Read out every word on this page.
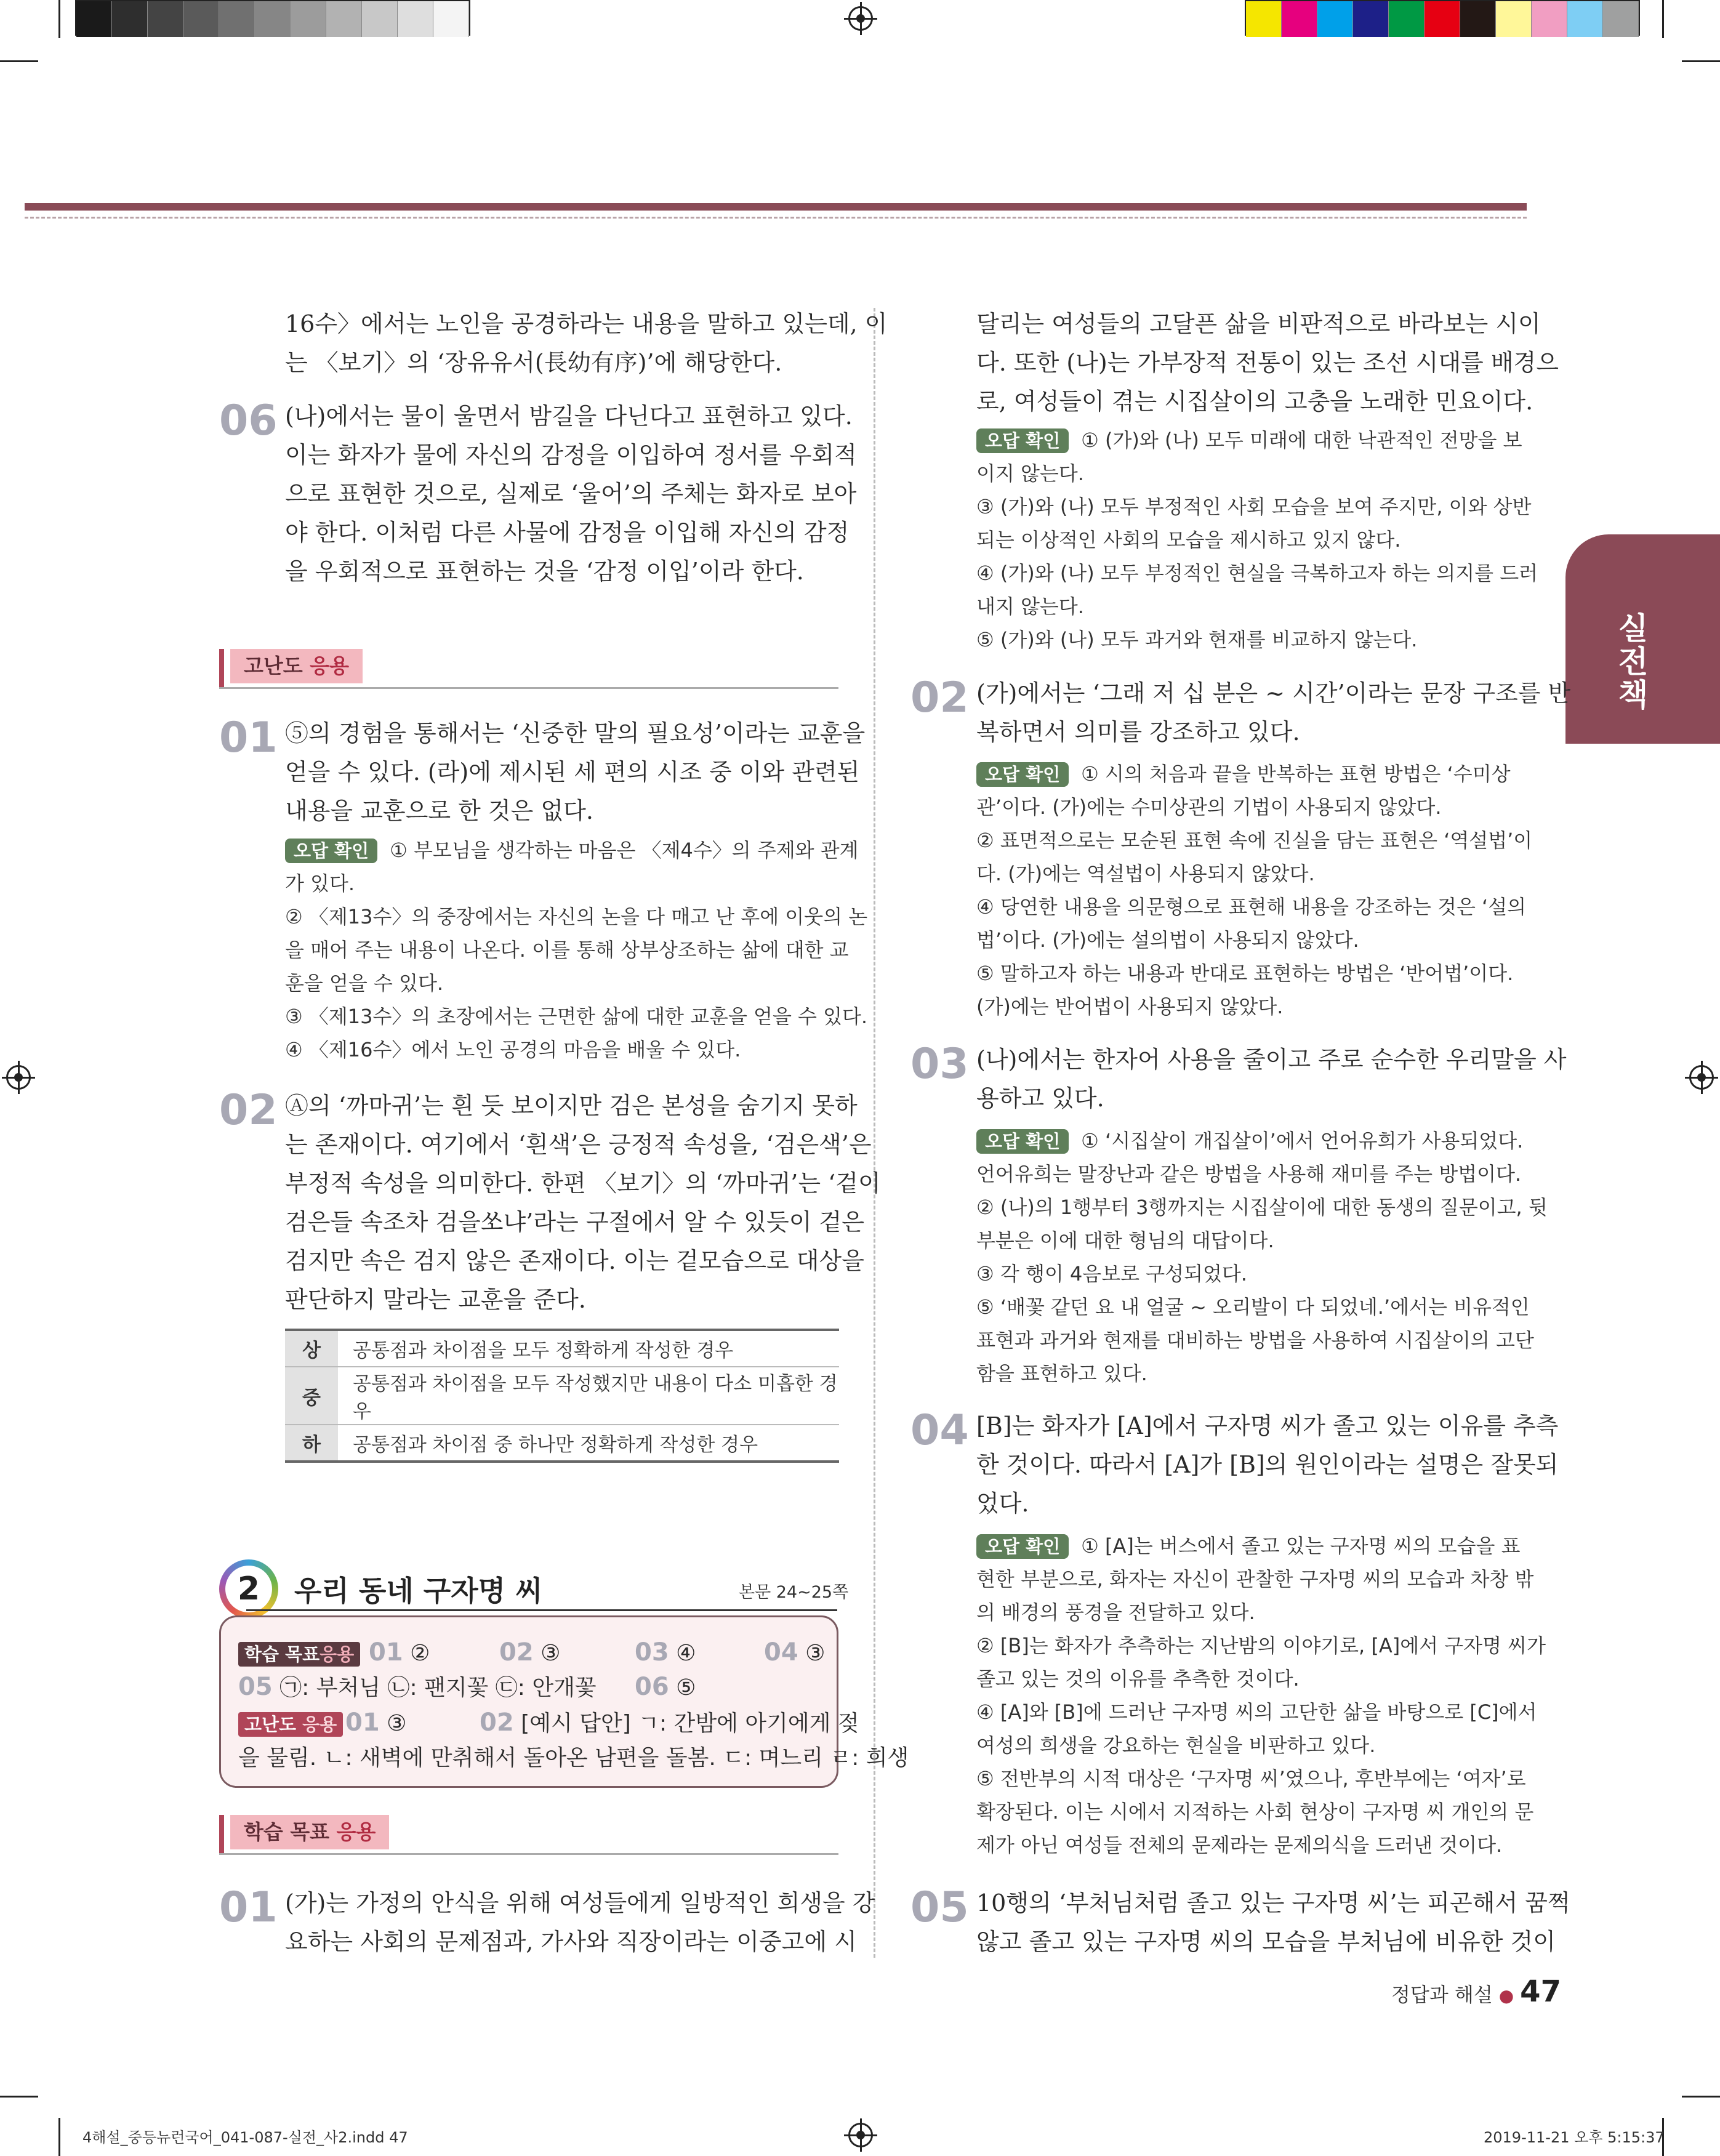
실전책
16수〉에서는 노인을 공경하라는 내용을 말하고 있는데, 이
는 〈보기〉의 ‘장유유서(長幼有序)’에 해당한다.
06 (나)에서는 물이 울면서 밤길을 다닌다고 표현하고 있다.
이는 화자가 물에 자신의 감정을 이입하여 정서를 우회적
으로 표현한 것으로, 실제로 ‘울어’의 주체는 화자로 보아
야 한다. 이처럼 다른 사물에 감정을 이입해 자신의 감정
을 우회적으로 표현하는 것을 ‘감정 이입’이라 한다.
고난도 응용
01 ⑤의 경험을 통해서는 ‘신중한 말의 필요성’이라는 교훈을
얻을 수 있다. (라)에 제시된 세 편의 시조 중 이와 관련된
내용을 교훈으로 한 것은 없다.
오답 확인 ① 부모님을 생각하는 마음은 〈제4수〉의 주제와 관계
가 있다.
② 〈제13수〉의 중장에서는 자신의 논을 다 매고 난 후에 이웃의 논
을 매어 주는 내용이 나온다. 이를 통해 상부상조하는 삶에 대한 교
훈을 얻을 수 있다.
③ 〈제13수〉의 초장에서는 근면한 삶에 대한 교훈을 얻을 수 있다.
④ 〈제16수〉에서 노인 공경의 마음을 배울 수 있다.
02 Ⓐ의 ‘까마귀’는 흰 듯 보이지만 검은 본성을 숨기지 못하
는 존재이다. 여기에서 ‘흰색’은 긍정적 속성을, ‘검은색’은
부정적 속성을 의미한다. 한편 〈보기〉의 ‘까마귀’는 ‘겉이
검은들 속조차 검을쏘냐’라는 구절에서 알 수 있듯이 겉은
검지만 속은 검지 않은 존재이다. 이는 겉모습으로 대상을
판단하지 말라는 교훈을 준다.
상	공통점과 차이점을 모두 정확하게 작성한 경우
중	공통점과 차이점을 모두 작성했지만 내용이 다소 미흡한 경우
하	공통점과 차이점 중 하나만 정확하게 작성한 경우
2	우리 동네 구자명 씨	본문 24~25쪽
학습 목표응용 01 ②	02 ③	03 ④	04 ③
05 ㉠: 부처님 ㉡: 팬지꽃 ㉢: 안개꽃 06 ⑤
고난도 응용 01 ③	02 [예시 답안] ㄱ: 간밤에 아기에게 젖
을 물림. ㄴ: 새벽에 만취해서 돌아온 남편을 돌봄. ㄷ: 며느리 ㄹ: 희생
학습 목표 응용
01 (가)는 가정의 안식을 위해 여성들에게 일방적인 희생을 강
요하는 사회의 문제점과, 가사와 직장이라는 이중고에 시
달리는 여성들의 고달픈 삶을 비판적으로 바라보는 시이
다. 또한 (나)는 가부장적 전통이 있는 조선 시대를 배경으
로, 여성들이 겪는 시집살이의 고충을 노래한 민요이다.
오답 확인 ① (가)와 (나) 모두 미래에 대한 낙관적인 전망을 보
이지 않는다.
③ (가)와 (나) 모두 부정적인 사회 모습을 보여 주지만, 이와 상반
되는 이상적인 사회의 모습을 제시하고 있지 않다.
④ (가)와 (나) 모두 부정적인 현실을 극복하고자 하는 의지를 드러
내지 않는다.
⑤ (가)와 (나) 모두 과거와 현재를 비교하지 않는다.
02 (가)에서는 ‘그래 저 십 분은 ~ 시간’이라는 문장 구조를 반
복하면서 의미를 강조하고 있다.
오답 확인 ① 시의 처음과 끝을 반복하는 표현 방법은 ‘수미상
관’이다. (가)에는 수미상관의 기법이 사용되지 않았다.
② 표면적으로는 모순된 표현 속에 진실을 담는 표현은 ‘역설법’이
다. (가)에는 역설법이 사용되지 않았다.
④ 당연한 내용을 의문형으로 표현해 내용을 강조하는 것은 ‘설의
법’이다. (가)에는 설의법이 사용되지 않았다.
⑤ 말하고자 하는 내용과 반대로 표현하는 방법은 ‘반어법’이다.
(가)에는 반어법이 사용되지 않았다.
03 (나)에서는 한자어 사용을 줄이고 주로 순수한 우리말을 사
용하고 있다.
오답 확인 ① ‘시집살이 개집살이’에서 언어유희가 사용되었다.
언어유희는 말장난과 같은 방법을 사용해 재미를 주는 방법이다.
② (나)의 1행부터 3행까지는 시집살이에 대한 동생의 질문이고, 뒷
부분은 이에 대한 형님의 대답이다.
③ 각 행이 4음보로 구성되었다.
⑤ ‘배꽃 같던 요 내 얼굴 ~ 오리발이 다 되었네.’에서는 비유적인
표현과 과거와 현재를 대비하는 방법을 사용하여 시집살이의 고단
함을 표현하고 있다.
04 [B]는 화자가 [A]에서 구자명 씨가 졸고 있는 이유를 추측
한 것이다. 따라서 [A]가 [B]의 원인이라는 설명은 잘못되
었다.
오답 확인 ① [A]는 버스에서 졸고 있는 구자명 씨의 모습을 표
현한 부분으로, 화자는 자신이 관찰한 구자명 씨의 모습과 차창 밖
의 배경의 풍경을 전달하고 있다.
② [B]는 화자가 추측하는 지난밤의 이야기로, [A]에서 구자명 씨가
졸고 있는 것의 이유를 추측한 것이다.
④ [A]와 [B]에 드러난 구자명 씨의 고단한 삶을 바탕으로 [C]에서
여성의 희생을 강요하는 현실을 비판하고 있다.
⑤ 전반부의 시적 대상은 ‘구자명 씨’였으나, 후반부에는 ‘여자’로
확장된다. 이는 시에서 지적하는 사회 현상이 구자명 씨 개인의 문
제가 아닌 여성들 전체의 문제라는 문제의식을 드러낸 것이다.
05 10행의 ‘부처님처럼 졸고 있는 구자명 씨’는 피곤해서 꿈쩍
않고 졸고 있는 구자명 씨의 모습을 부처님에 비유한 것이
정답과 해설 ● 47
4해설_중등뉴런국어_041-087-실전_사2.indd 47	2019-11-21 오후 5:15:37
